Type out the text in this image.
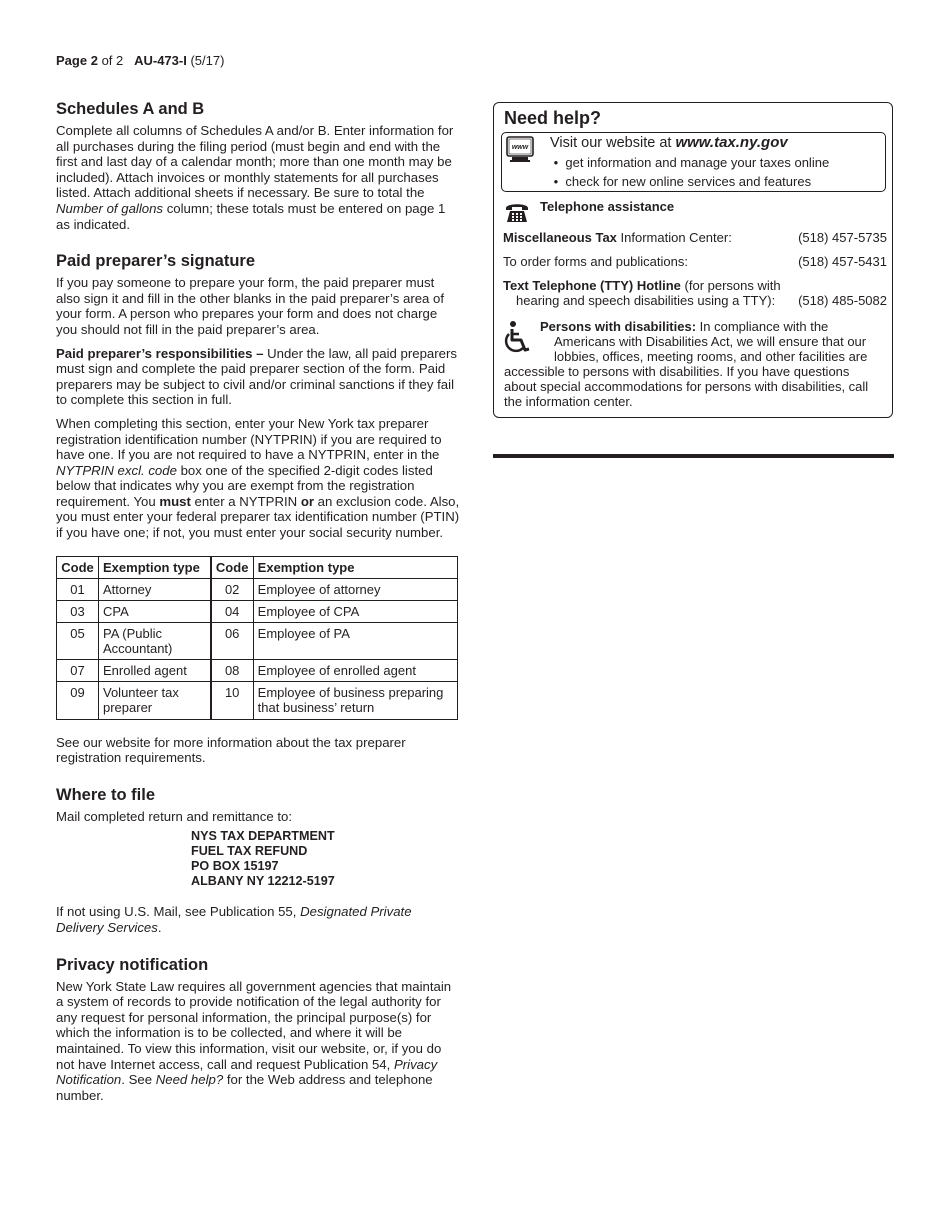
Page 2 of 2 AU-473-I (5/17)
Schedules A and B

Complete all columns of Schedules A and/or B. Enter information for all purchases during the filing period (must begin and end with the first and last day of a calendar month; more than one month may be included). Attach invoices or monthly statements for all purchases listed. Attach additional sheets if necessary. Be sure to total the Number of gallons column; these totals must be entered on page 1 as indicated.

Paid preparer’s signature

If you pay someone to prepare your form, the paid preparer must also sign it and fill in the other blanks in the paid preparer’s area of your form. A person who prepares your form and does not charge you should not fill in the paid preparer’s area.

Paid preparer’s responsibilities – Under the law, all paid preparers must sign and complete the paid preparer section of the form. Paid preparers may be subject to civil and/or criminal sanctions if they fail to complete this section in full.

When completing this section, enter your New York tax preparer registration identification number (NYTPRIN) if you are required to have one. If you are not required to have a NYTPRIN, enter in the NYTPRIN excl. code box one of the specified 2-digit codes listed below that indicates why you are exempt from the registration requirement. You must enter a NYTPRIN or an exclusion code. Also, you must enter your federal preparer tax identification number (PTIN) if you have one; if not, you must enter your social security number.

Code	Exemption type	Code	Exemption type
01	Attorney	02	Employee of attorney
03	CPA	04	Employee of CPA
05	PA (Public Accountant)	06	Employee of PA
07	Enrolled agent	08	Employee of enrolled agent
09	Volunteer tax preparer	10	Employee of business preparing that business’ return

See our website for more information about the tax preparer registration requirements.

Where to file

Mail completed return and remittance to:

NYS TAX DEPARTMENT
FUEL TAX REFUND
PO BOX 15197
ALBANY NY 12212-5197

If not using U.S. Mail, see Publication 55, Designated Private Delivery Services.

Privacy notification

New York State Law requires all government agencies that maintain a system of records to provide notification of the legal authority for any request for personal information, the principal purpose(s) for which the information is to be collected, and where it will be maintained. To view this information, visit our website, or, if you do not have Internet access, call and request Publication 54, Privacy Notification. See Need help? for the Web address and telephone number.

Need help?
www Visit our website at www.tax.ny.gov
•  get information and manage your taxes online
•  check for new online services and features
Telephone assistance
Miscellaneous Tax Information Center:	(518) 457-5735
To order forms and publications:	(518) 457-5431
Text Telephone (TTY) Hotline (for persons with
hearing and speech disabilities using a TTY): (518) 485-5082
Persons with disabilities: In compliance with the
Americans with Disabilities Act, we will ensure that our
lobbies, offices, meeting rooms, and other facilities are
accessible to persons with disabilities. If you have questions about special accommodations for persons with disabilities, call the information center.
